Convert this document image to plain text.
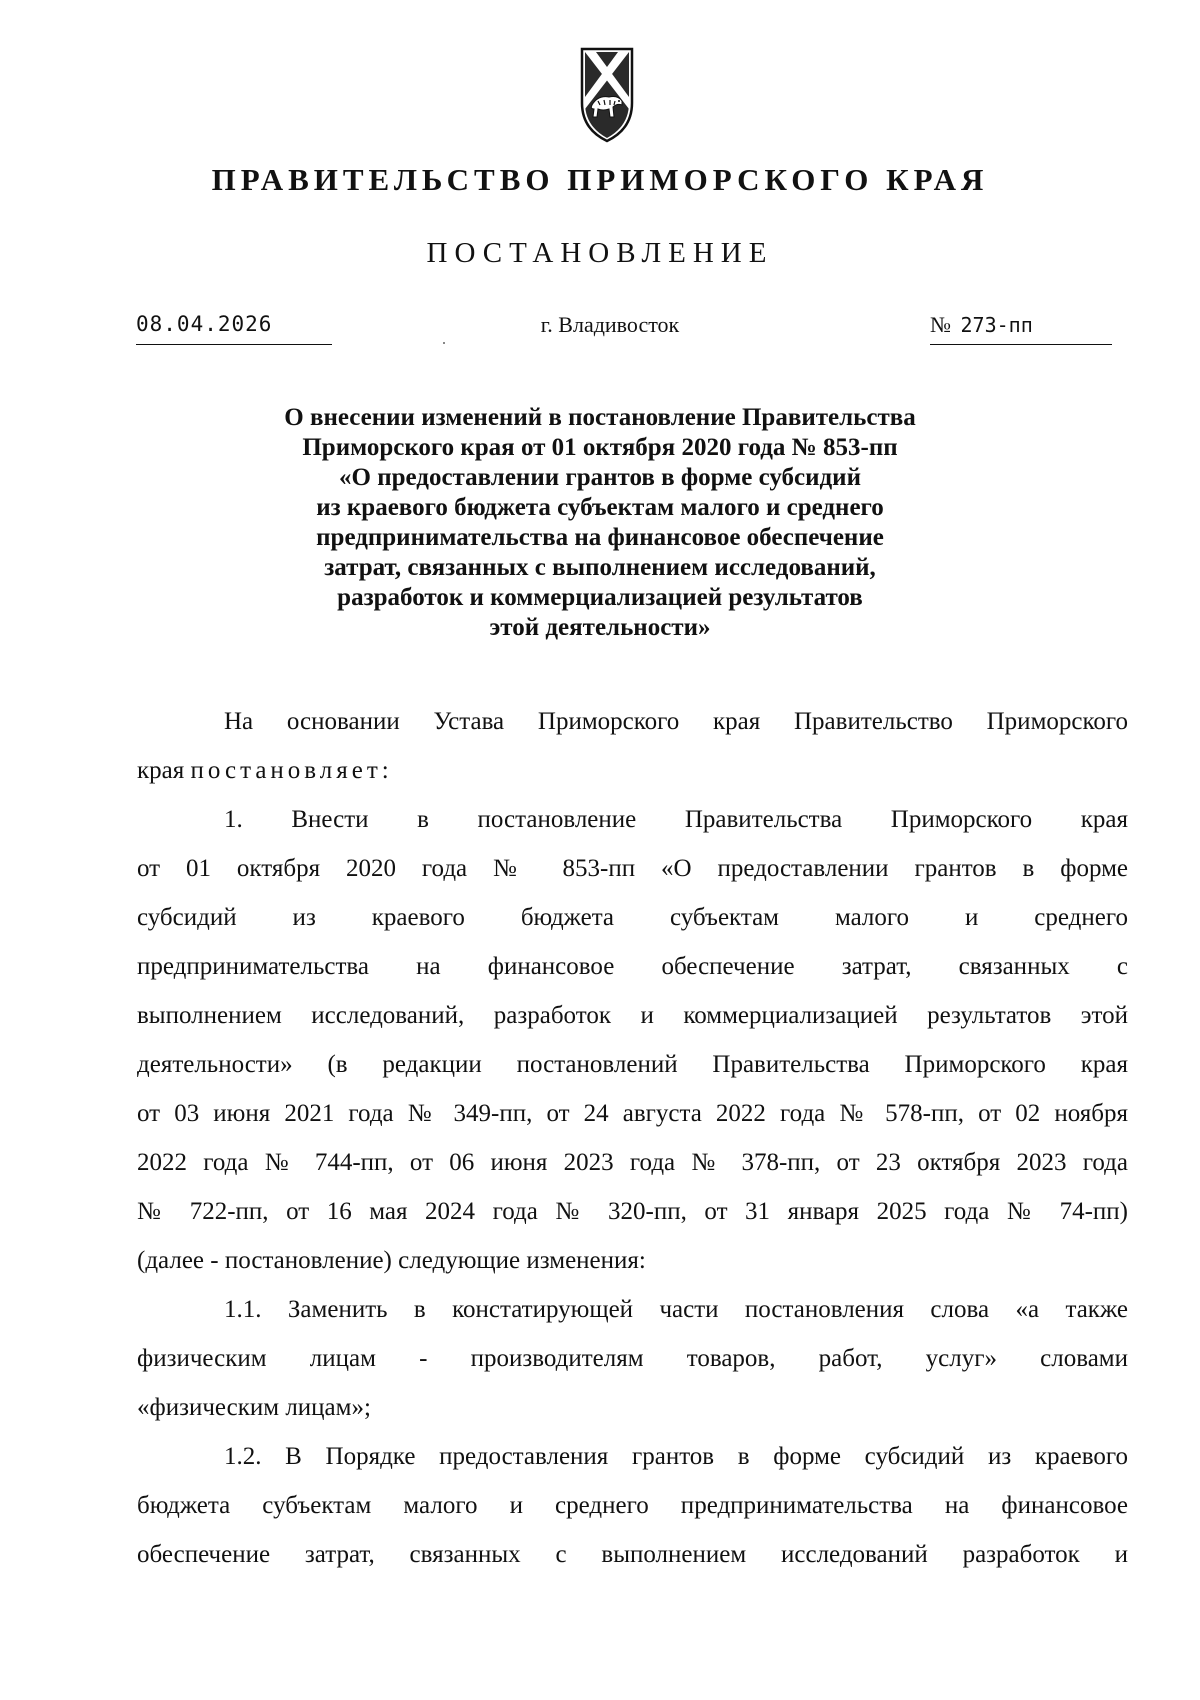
ПРАВИТЕЛЬСТВО ПРИМОРСКОГО КРАЯ
ПОСТАНОВЛЕНИЕ
08.04.2026	г. Владивосток	№ 273-пп
О внесении изменений в постановление Правительства
Приморского края от 01 октября 2020 года № 853-пп
«О предоставлении грантов в форме субсидий
из краевого бюджета субъектам малого и среднего
предпринимательства на финансовое обеспечение
затрат, связанных с выполнением исследований,
разработок и коммерциализацией результатов
этой деятельности»

На основании Устава Приморского края Правительство Приморского
края постановляет:

1. Внести в постановление Правительства Приморского края
от 01 октября 2020 года № 853-пп «О предоставлении грантов в форме
субсидий из краевого бюджета субъектам малого и среднего
предпринимательства на финансовое обеспечение затрат, связанных с
выполнением исследований, разработок и коммерциализацией результатов этой
деятельности» (в редакции постановлений Правительства Приморского края
от 03 июня 2021 года № 349-пп, от 24 августа 2022 года № 578-пп, от 02 ноября
2022 года № 744-пп, от 06 июня 2023 года № 378-пп, от 23 октября 2023 года
№ 722-пп, от 16 мая 2024 года № 320-пп, от 31 января 2025 года № 74-пп)
(далее - постановление) следующие изменения:

1.1. Заменить в констатирующей части постановления слова «а также
физическим лицам - производителям товаров, работ, услуг» словами
«физическим лицам»;

1.2. В Порядке предоставления грантов в форме субсидий из краевого
бюджета субъектам малого и среднего предпринимательства на финансовое
обеспечение затрат, связанных с выполнением исследований разработок и
